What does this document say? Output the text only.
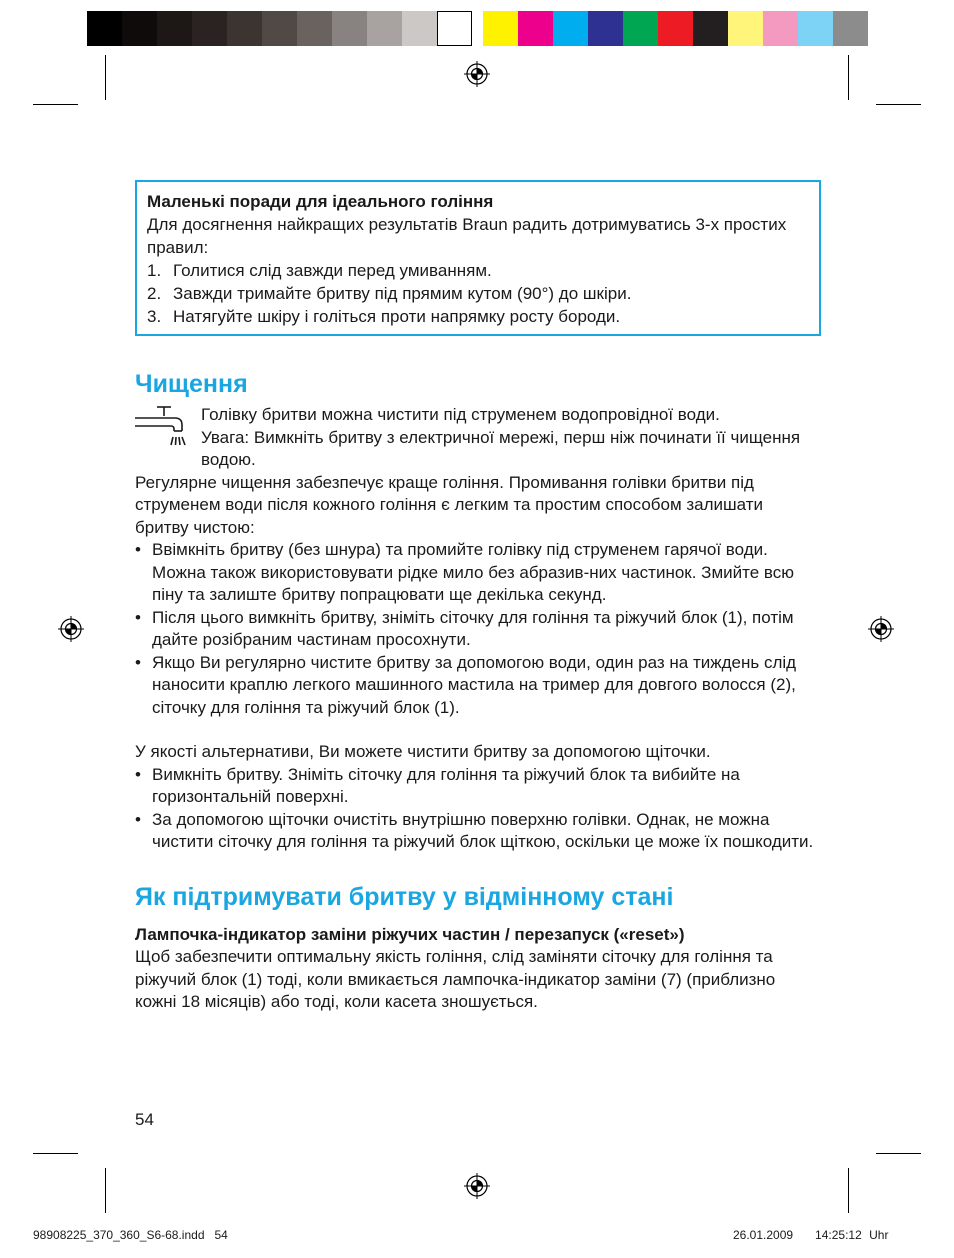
Маленькі поради для ідеального гоління
Для досягнення найкращих результатів Braun радить дотримуватись 3-х простих правил:
1. Голитися слід завжди перед умиванням.
2. Завжди тримайте бритву під прямим кутом (90°) до шкіри.
3. Натягуйте шкіру і голіться проти напрямку росту бороди.
Чищення
Голівку бритви можна чистити під струменем водопровідної води.
Увага: Вимкніть бритву з електричної мережі, перш ніж починати її чищення водою.
Регулярне чищення забезпечує краще гоління. Промивання голівки бритви під струменем води після кожного гоління є легким та простим способом залишати бритву чистою:
• Ввімкніть бритву (без шнура) та промийте голівку під струменем гарячої води. Можна також використовувати рідке мило без абразив-них частинок. Змийте всю піну та залиште бритву попрацювати ще декілька секунд.
• Після цього вимкніть бритву, зніміть сіточку для гоління та ріжучий блок (1), потім дайте розібраним частинам просохнути.
• Якщо Ви регулярно чистите бритву за допомогою води, один раз на тиждень слід наносити краплю легкого машинного мастила на тример для довгого волосся (2), сіточку для гоління та ріжучий блок (1).
У якості альтернативи, Ви можете чистити бритву за допомогою щіточки.
• Вимкніть бритву. Зніміть сіточку для гоління та ріжучий блок та вибийте на горизонтальній поверхні.
• За допомогою щіточки очистіть внутрішню поверхню голівки. Однак, не можна чистити сіточку для гоління та ріжучий блок щіткою, оскільки це може їх пошкодити.
Як підтримувати бритву у відмінному стані
Лампочка-індикатор заміни ріжучих частин / перезапуск («reset»)
Щоб забезпечити оптимальну якість гоління, слід заміняти сіточку для гоління та ріжучий блок (1) тоді, коли вмикається лампочка-індикатор заміни (7) (приблизно кожні 18 місяців) або тоді, коли касета зношується.
54
98908225_370_360_S6-68.indd   54	26.01.2009   14:25:12 Uhr
